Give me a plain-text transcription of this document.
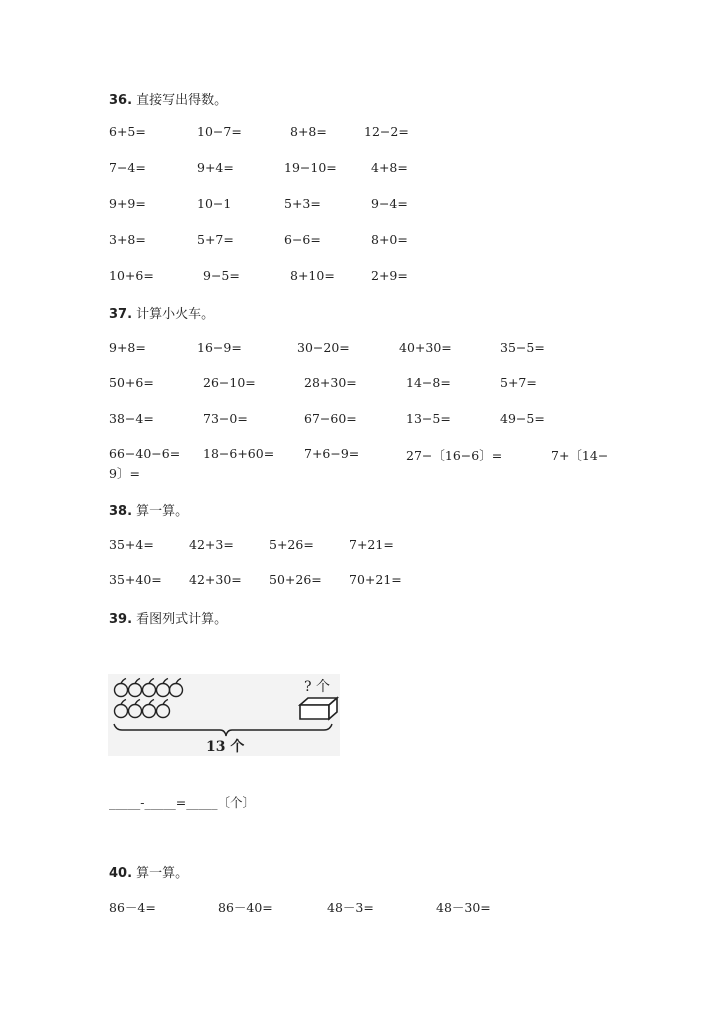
36. 直接写出得数。
6+5=	10−7=	8+8=	12−2=
7−4=	9+4=	19−10=	4+8=
9+9=	10−1	5+3=	9−4=
3+8=	5+7=	6−6=	8+0=
10+6=	9−5=	8+10=	2+9=
37. 计算小火车。
9+8=	16−9=	30−20=	40+30=	35−5=
50+6=	26−10=	28+30=	14−8=	5+7=
38−4=	73−0=	67−60=	13−5=	49−5=
66−40−6= 18−6+60= 7+6−9=	27−〔16−6〕=	7+〔14−
9〕=
38. 算一算。
35+4=	42+3=	5+26=	7+21=
35+40= 42+30= 50+26= 70+21=
39. 看图列式计算。
? 个
13 个
_____-_____=_____〔个〕
40. 算一算。
86－4=	86－40=	48－3=	48－30=
